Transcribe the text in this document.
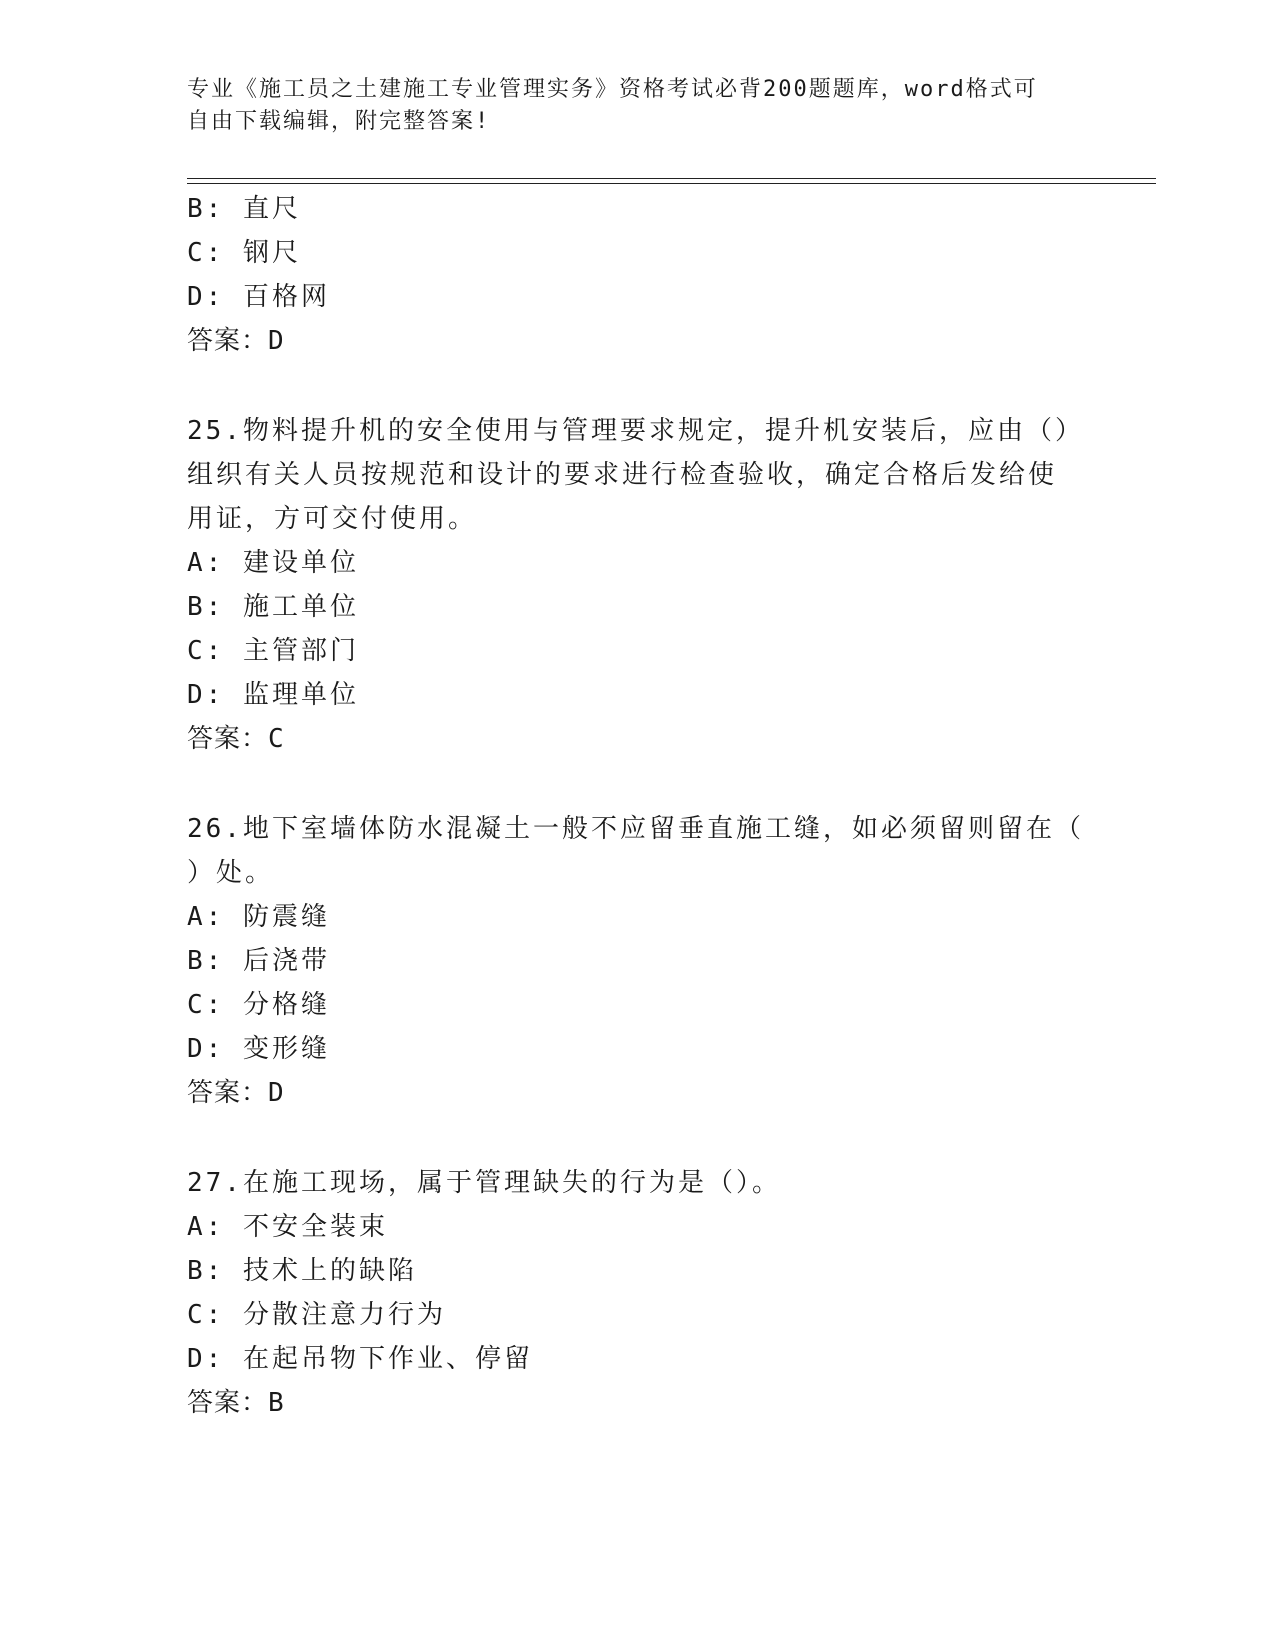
专业《施工员之土建施工专业管理实务》资格考试必背200题题库，word格式可
自由下载编辑，附完整答案!
B: 直尺
C: 钢尺
D: 百格网
答案：D
25.物料提升机的安全使用与管理要求规定，提升机安装后，应由（）
组织有关人员按规范和设计的要求进行检查验收，确定合格后发给使
用证，方可交付使用。
A: 建设单位
B: 施工单位
C: 主管部门
D: 监理单位
答案：C
26.地下室墙体防水混凝土一般不应留垂直施工缝，如必须留则留在（
）处。
A: 防震缝
B: 后浇带
C: 分格缝
D: 变形缝
答案：D
27.在施工现场，属于管理缺失的行为是（）。
A: 不安全装束
B: 技术上的缺陷
C: 分散注意力行为
D: 在起吊物下作业、停留
答案：B
